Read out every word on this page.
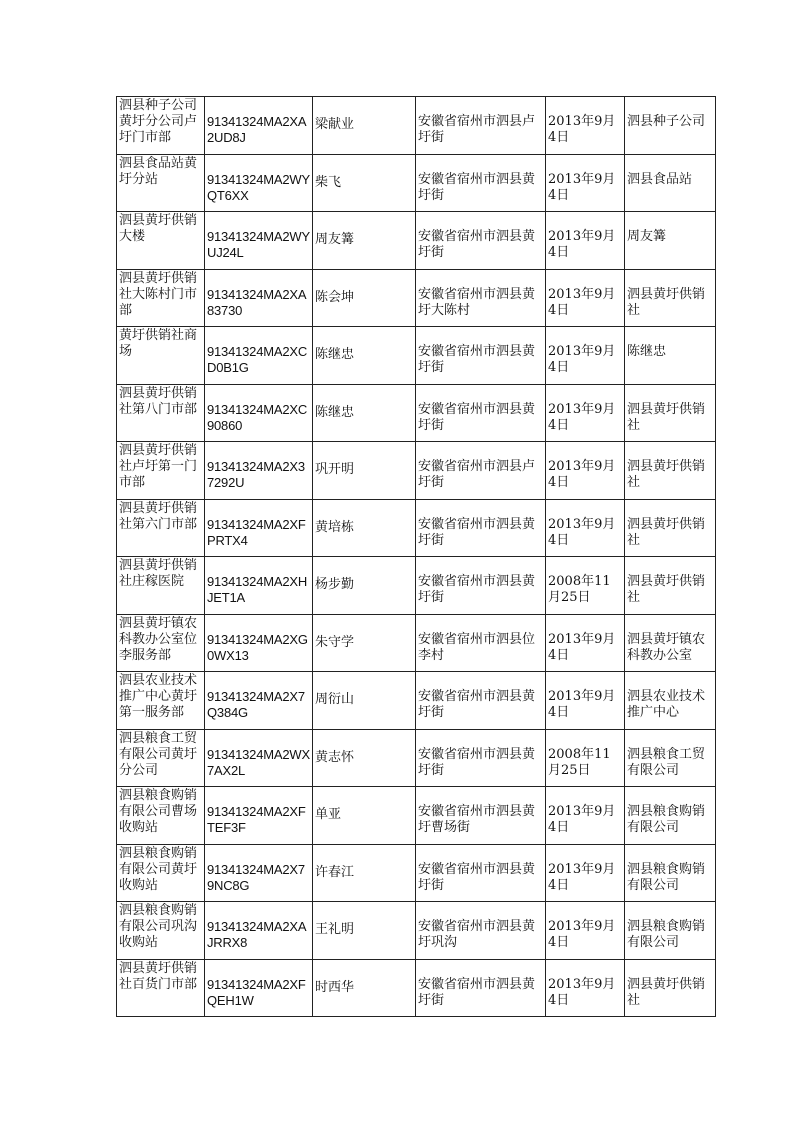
泗县种子公司黄圩分公司卢圩门市部	91341324MA2XA2UD8J	梁献业	安徽省宿州市泗县卢圩街	2013年9月4日	泗县种子公司

泗县食品站黄圩分站	91341324MA2WYQT6XX	柴飞	安徽省宿州市泗县黄圩街	2013年9月4日	泗县食品站

泗县黄圩供销大楼	91341324MA2WYUJ24L	周友篝	安徽省宿州市泗县黄圩街	2013年9月4日	周友篝

泗县黄圩供销社大陈村门市部	91341324MA2XA83730	陈会坤	安徽省宿州市泗县黄圩大陈村	2013年9月4日	泗县黄圩供销社

黄圩供销社商场	91341324MA2XCD0B1G	陈继忠	安徽省宿州市泗县黄圩街	2013年9月4日	陈继忠

泗县黄圩供销社第八门市部	91341324MA2XC90860	陈继忠	安徽省宿州市泗县黄圩街	2013年9月4日	泗县黄圩供销社

泗县黄圩供销社卢圩第一门市部	91341324MA2X37292U	巩开明	安徽省宿州市泗县卢圩街	2013年9月4日	泗县黄圩供销社

泗县黄圩供销社第六门市部	91341324MA2XFPRTX4	黄培栋	安徽省宿州市泗县黄圩街	2013年9月4日	泗县黄圩供销社

泗县黄圩供销社庄稼医院	91341324MA2XHJET1A	杨步勤	安徽省宿州市泗县黄圩街	2008年11月25日	泗县黄圩供销社

泗县黄圩镇农科教办公室位李服务部	91341324MA2XG0WX13	朱守学	安徽省宿州市泗县位李村	2013年9月4日	泗县黄圩镇农科教办公室

泗县农业技术推广中心黄圩第一服务部	91341324MA2X7Q384G	周衍山	安徽省宿州市泗县黄圩街	2013年9月4日	泗县农业技术推广中心

泗县粮食工贸有限公司黄圩分公司	91341324MA2WX7AX2L	黄志怀	安徽省宿州市泗县黄圩街	2008年11月25日	泗县粮食工贸有限公司

泗县粮食购销有限公司曹场收购站	91341324MA2XFTEF3F	单亚	安徽省宿州市泗县黄圩曹场街	2013年9月4日	泗县粮食购销有限公司

泗县粮食购销有限公司黄圩收购站	91341324MA2X79NC8G	许春江	安徽省宿州市泗县黄圩街	2013年9月4日	泗县粮食购销有限公司

泗县粮食购销有限公司巩沟收购站	91341324MA2XAJRRX8	王礼明	安徽省宿州市泗县黄圩巩沟	2013年9月4日	泗县粮食购销有限公司

泗县黄圩供销社百货门市部	91341324MA2XFQEH1W	时西华	安徽省宿州市泗县黄圩街	2013年9月4日	泗县黄圩供销社
